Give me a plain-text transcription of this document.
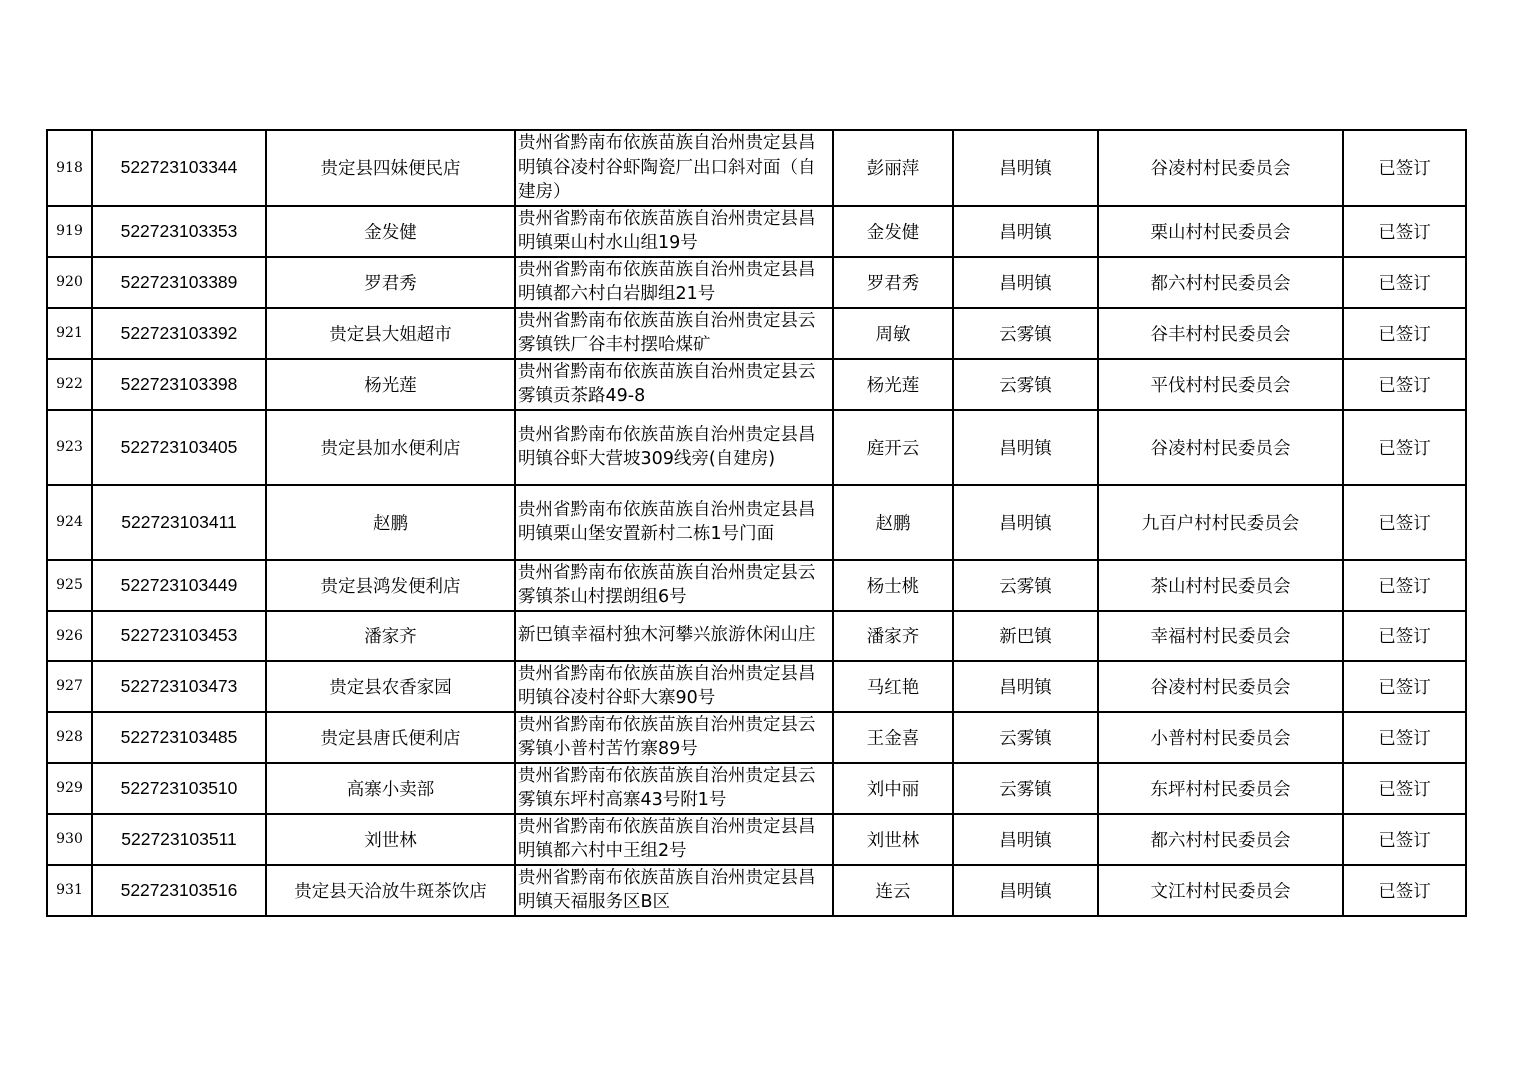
918	522723103344	贵定县四妹便民店	贵州省黔南布依族苗族自治州贵定县昌明镇谷凌村谷虾陶瓷厂出口斜对面（自建房）	彭丽萍	昌明镇	谷凌村村民委员会	已签订
919	522723103353	金发健	贵州省黔南布依族苗族自治州贵定县昌明镇栗山村水山组19号	金发健	昌明镇	栗山村村民委员会	已签订
920	522723103389	罗君秀	贵州省黔南布依族苗族自治州贵定县昌明镇都六村白岩脚组21号	罗君秀	昌明镇	都六村村民委员会	已签订
921	522723103392	贵定县大姐超市	贵州省黔南布依族苗族自治州贵定县云雾镇铁厂谷丰村摆哈煤矿	周敏	云雾镇	谷丰村村民委员会	已签订
922	522723103398	杨光莲	贵州省黔南布依族苗族自治州贵定县云雾镇贡茶路49-8	杨光莲	云雾镇	平伐村村民委员会	已签订
923	522723103405	贵定县加水便利店	贵州省黔南布依族苗族自治州贵定县昌明镇谷虾大营坡309线旁(自建房)	庭开云	昌明镇	谷凌村村民委员会	已签订
924	522723103411	赵鹏	贵州省黔南布依族苗族自治州贵定县昌明镇栗山堡安置新村二栋1号门面	赵鹏	昌明镇	九百户村村民委员会	已签订
925	522723103449	贵定县鸿发便利店	贵州省黔南布依族苗族自治州贵定县云雾镇茶山村摆朗组6号	杨士桃	云雾镇	茶山村村民委员会	已签订
926	522723103453	潘家齐	新巴镇幸福村独木河攀兴旅游休闲山庄	潘家齐	新巴镇	幸福村村民委员会	已签订
927	522723103473	贵定县农香家园	贵州省黔南布依族苗族自治州贵定县昌明镇谷凌村谷虾大寨90号	马红艳	昌明镇	谷凌村村民委员会	已签订
928	522723103485	贵定县唐氏便利店	贵州省黔南布依族苗族自治州贵定县云雾镇小普村苦竹寨89号	王金喜	云雾镇	小普村村民委员会	已签订
929	522723103510	高寨小卖部	贵州省黔南布依族苗族自治州贵定县云雾镇东坪村高寨43号附1号	刘中丽	云雾镇	东坪村村民委员会	已签订
930	522723103511	刘世林	贵州省黔南布依族苗族自治州贵定县昌明镇都六村中王组2号	刘世林	昌明镇	都六村村民委员会	已签订
931	522723103516	贵定县天洽放牛斑茶饮店	贵州省黔南布依族苗族自治州贵定县昌明镇天福服务区B区	连云	昌明镇	文江村村民委员会	已签订
